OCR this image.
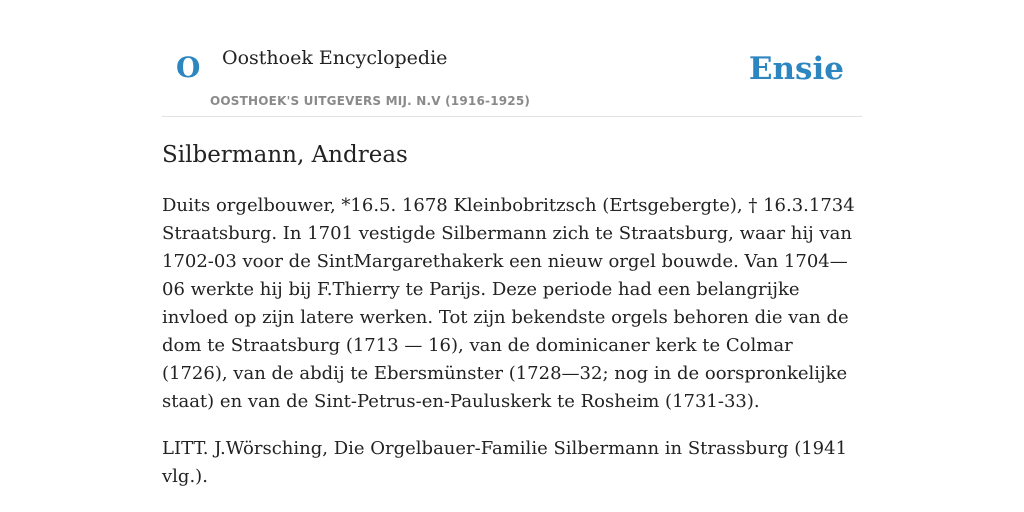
O Oosthoek Encyclopedie
OOSTHOEK'S UITGEVERS MIJ. N.V (1916-1925)
Ensie
Silbermann, Andreas

Duits orgelbouwer, *16.5. 1678 Kleinbobritzsch (Ertsgebergte), † 16.3.1734 Straatsburg. In 1701 vestigde Silbermann zich te Straatsburg, waar hij van 1702-03 voor de SintMargarethakerk een nieuw orgel bouwde. Van 1704—06 werkte hij bij F.Thierry te Parijs. Deze periode had een belangrijke invloed op zijn latere werken. Tot zijn bekendste orgels behoren die van de dom te Straatsburg (1713 — 16), van de dominicaner kerk te Colmar (1726), van de abdij te Ebersmünster (1728—32; nog in de oorspronkelijke staat) en van de Sint-Petrus-en-Pauluskerk te Rosheim (1731-33).

LITT. J.Wörsching, Die Orgelbauer-Familie Silbermann in Strassburg (1941 vlg.).
